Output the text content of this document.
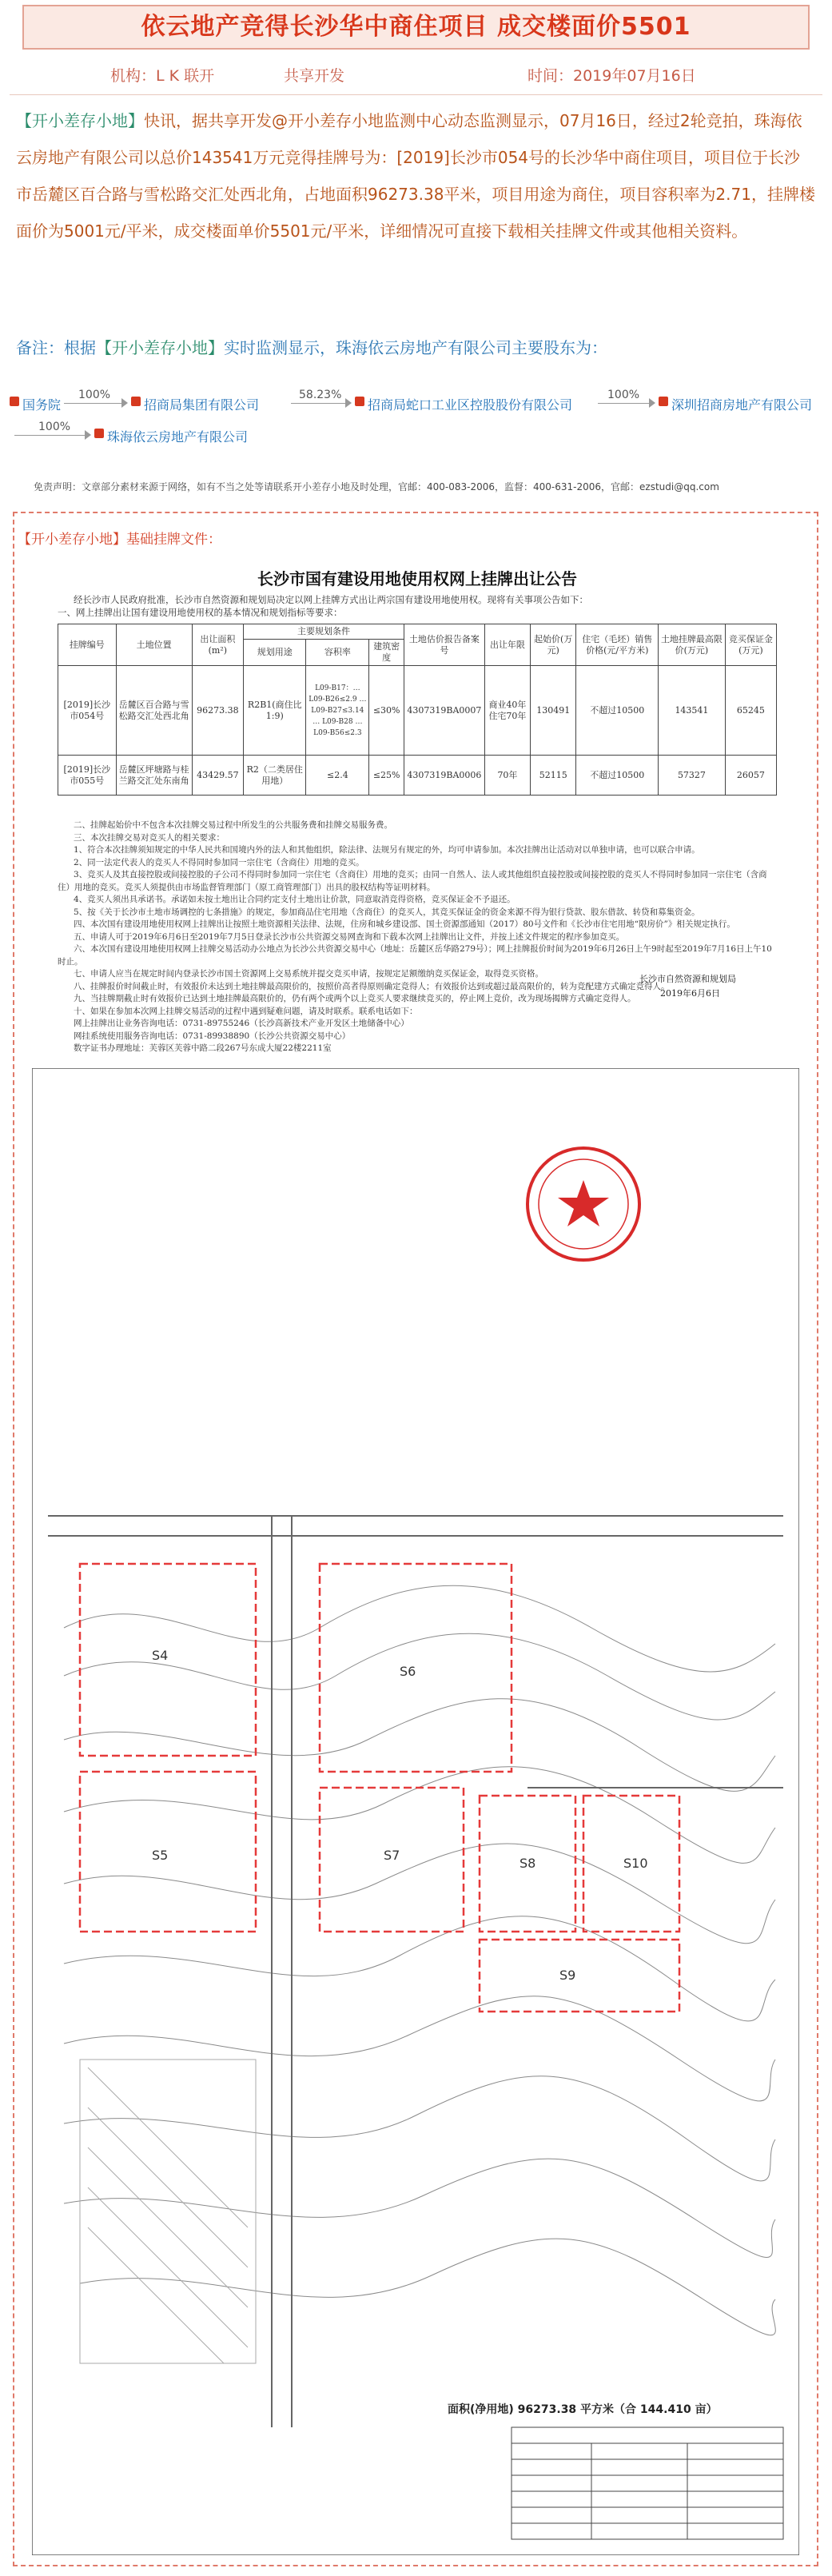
依云地产竞得长沙华中商住项目 成交楼面价5501
机构：L K 联开	共享开发	时间：2019年07月16日
【开小差存小地】快讯，据共享开发@开小差存小地监测中心动态监测显示，07月16日，经过2轮竞拍，珠海依云房地产有限公司以总价143541万元竞得挂牌号为：[2019]长沙市054号的长沙华中商住项目，项目位于长沙市岳麓区百合路与雪松路交汇处西北角，占地面积96273.38平米，项目用途为商住，项目容积率为2.71，挂牌楼面价为5001元/平米，成交楼面单价5501元/平米，详细情况可直接下载相关挂牌文件或其他相关资料。
备注：根据【开小差存小地】实时监测显示，珠海依云房地产有限公司主要股东为：
国务院
100%
招商局集团有限公司
58.23%
招商局蛇口工业区控股股份有限公司
100%
深圳招商房地产有限公司
100%
珠海依云房地产有限公司
免责声明：文章部分素材来源于网络，如有不当之处等请联系开小差存小地及时处理，官邮：400-083-2006，监督：400-631-2006，官邮：ezstudi@qq.com
【开小差存小地】基础挂牌文件：
长沙市国有建设用地使用权网上挂牌出让公告
经长沙市人民政府批准，长沙市自然资源和规划局决定以网上挂牌方式出让两宗国有建设用地使用权。现将有关事项公告如下：
一、网上挂牌出让国有建设用地使用权的基本情况和规划指标等要求：
挂牌编号	土地位置	出让面积(m²)	主要规划条件			土地估价报告备案号	出让年限	起始价(万元)	住宅（毛坯）销售价格(元/平方米)	土地挂牌最高限价(万元)	竞买保证金(万元)
			规划用途	容积率	建筑密度						
[2019]长沙市054号	岳麓区百合路与雪松路交汇处西北角	96273.38	R2B1(商住比1:9)	L09-B17：… L09-B26≤2.9 … L09-B27≤3.14 … L09-B28 … L09-B56≤2.3	≤30%	4307319BA0007	商业40年住宅70年	130491	不超过10500	143541	65245
[2019]长沙市055号	岳麓区坪塘路与桂兰路交汇处东南角	43429.57	R2（二类居住用地）	≤2.4	≤25%	4307319BA0006	70年	52115	不超过10500	57327	26057

二、挂牌起始价中不包含本次挂牌交易过程中所发生的公共服务费和挂牌交易服务费。

三、本次挂牌交易对竞买人的相关要求：

1、符合本次挂牌须知规定的中华人民共和国境内外的法人和其他组织，除法律、法规另有规定的外，均可申请参加。本次挂牌出让活动对以单独申请，也可以联合申请。

2、同一法定代表人的竞买人不得同时参加同一宗住宅（含商住）用地的竞买。

3、竞买人及其直接控股或间接控股的子公司不得同时参加同一宗住宅（含商住）用地的竞买；由同一自然人、法人或其他组织直接控股或间接控股的竞买人不得同时参加同一宗住宅（含商住）用地的竞买。竞买人须提供由市场监督管理部门（原工商管理部门）出具的股权结构等证明材料。

4、竞买人须出具承诺书。承诺如未按土地出让合同约定支付土地出让价款，同意取消竞得资格，竞买保证金不予退还。

5、按《关于长沙市土地市场调控的七条措施》的规定，参加商品住宅用地（含商住）的竞买人，其竞买保证金的资金来源不得为银行贷款、股东借款、转贷和募集资金。

四、本次国有建设用地使用权网上挂牌出让按照土地资源相关法律、法规，住房和城乡建设部、国土资源部通知（2017）80号文件和《长沙市住宅用地“限房价”》相关规定执行。

五、申请人可于2019年6月6日至2019年7月5日登录长沙市公共资源交易网查询和下载本次网上挂牌出让文件，并按上述文件规定的程序参加竞买。

六、本次国有建设用地使用权网上挂牌交易活动办公地点为长沙公共资源交易中心（地址：岳麓区岳华路279号）；网上挂牌报价时间为2019年6月26日上午9时起至2019年7月16日上午10时止。

七、申请人应当在规定时间内登录长沙市国土资源网上交易系统并提交竞买申请，按规定足额缴纳竞买保证金，取得竞买资格。

八、挂牌报价时间截止时，有效报价未达到土地挂牌最高限价的，按照价高者得原则确定竞得人；有效报价达到或超过最高限价的，转为竞配建方式确定竞得人。

九、当挂牌期截止时有效报价已达到土地挂牌最高限价的，仍有两个或两个以上竞买人要求继续竞买的，停止网上竞价，改为现场揭牌方式确定竞得人。

十、如果在参加本次网上挂牌交易活动的过程中遇到疑难问题，请及时联系。联系电话如下：

网上挂牌出让业务咨询电话：0731-89755246（长沙高新技术产业开发区土地储备中心）

网挂系统使用服务咨询电话：0731-89938890（长沙公共资源交易中心）

数字证书办理地址：芙蓉区芙蓉中路二段267号东成大厦22楼2211室

长沙市自然资源和规划局
2019年6月6日
S4
S5
S6
S7
S8
S9
S10
面积(净用地) 96273.38 平方米（合 144.410 亩）
